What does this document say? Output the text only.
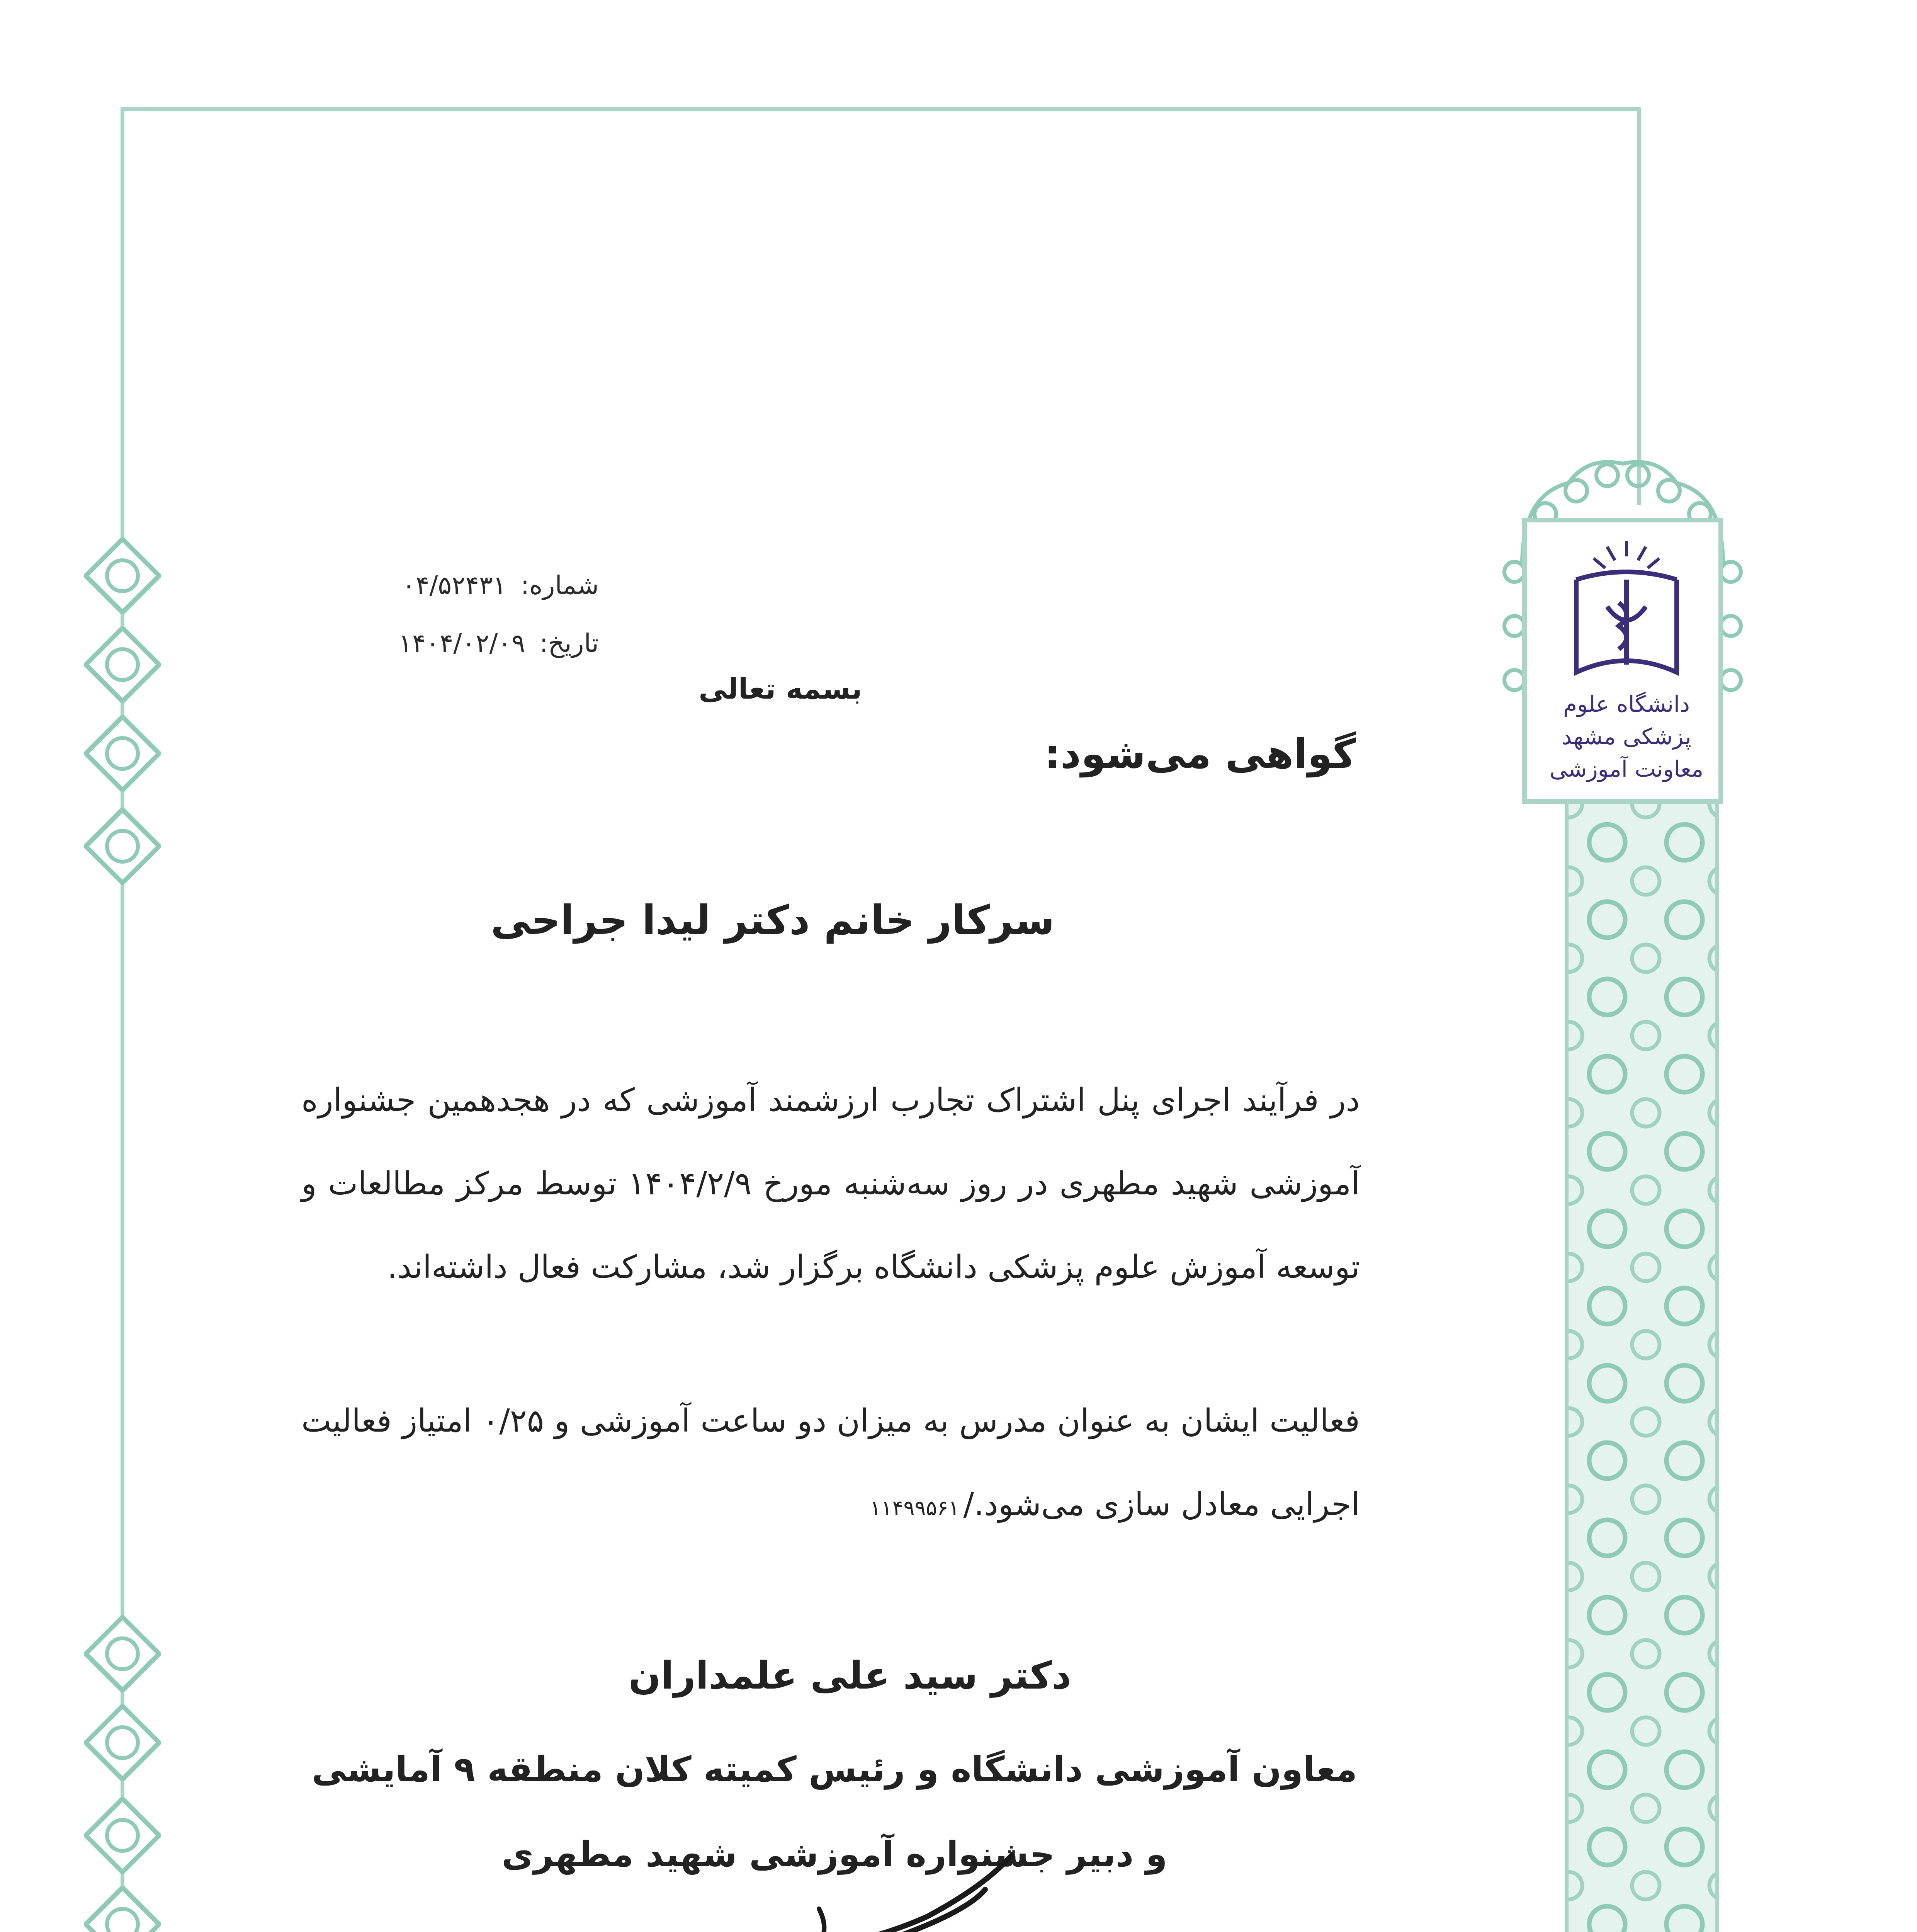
دانشگاه علوم پزشکی مشهد
معاونت آموزشی
شماره: ۰۴/۵۲۴۳۱
تاریخ: ۱۴۰۴/۰۲/۰۹
بسمه تعالی
گواهی می‌شود:
سرکار خانم دکتر لیدا جراحی
در فرآیند اجرای پنل اشتراک تجارب ارزشمند آموزشی که در هجدهمین جشنواره آموزشی شهید مطهری در روز سه‌شنبه مورخ ۱۴۰۴/۲/۹ توسط مرکز مطالعات و توسعه آموزش علوم پزشکی دانشگاه برگزار شد، مشارکت فعال داشته‌اند.
فعالیت ایشان به عنوان مدرس به میزان دو ساعت آموزشی و ۰/۲۵ امتیاز فعالیت اجرایی معادل سازی می‌شود./۱۱۴۹۹۵۶۱
دکتر سید علی علمداران
معاون آموزشی دانشگاه و رئیس کمیته کلان منطقه ۹ آمایشی
و دبیر جشنواره آموزشی شهید مطهری
